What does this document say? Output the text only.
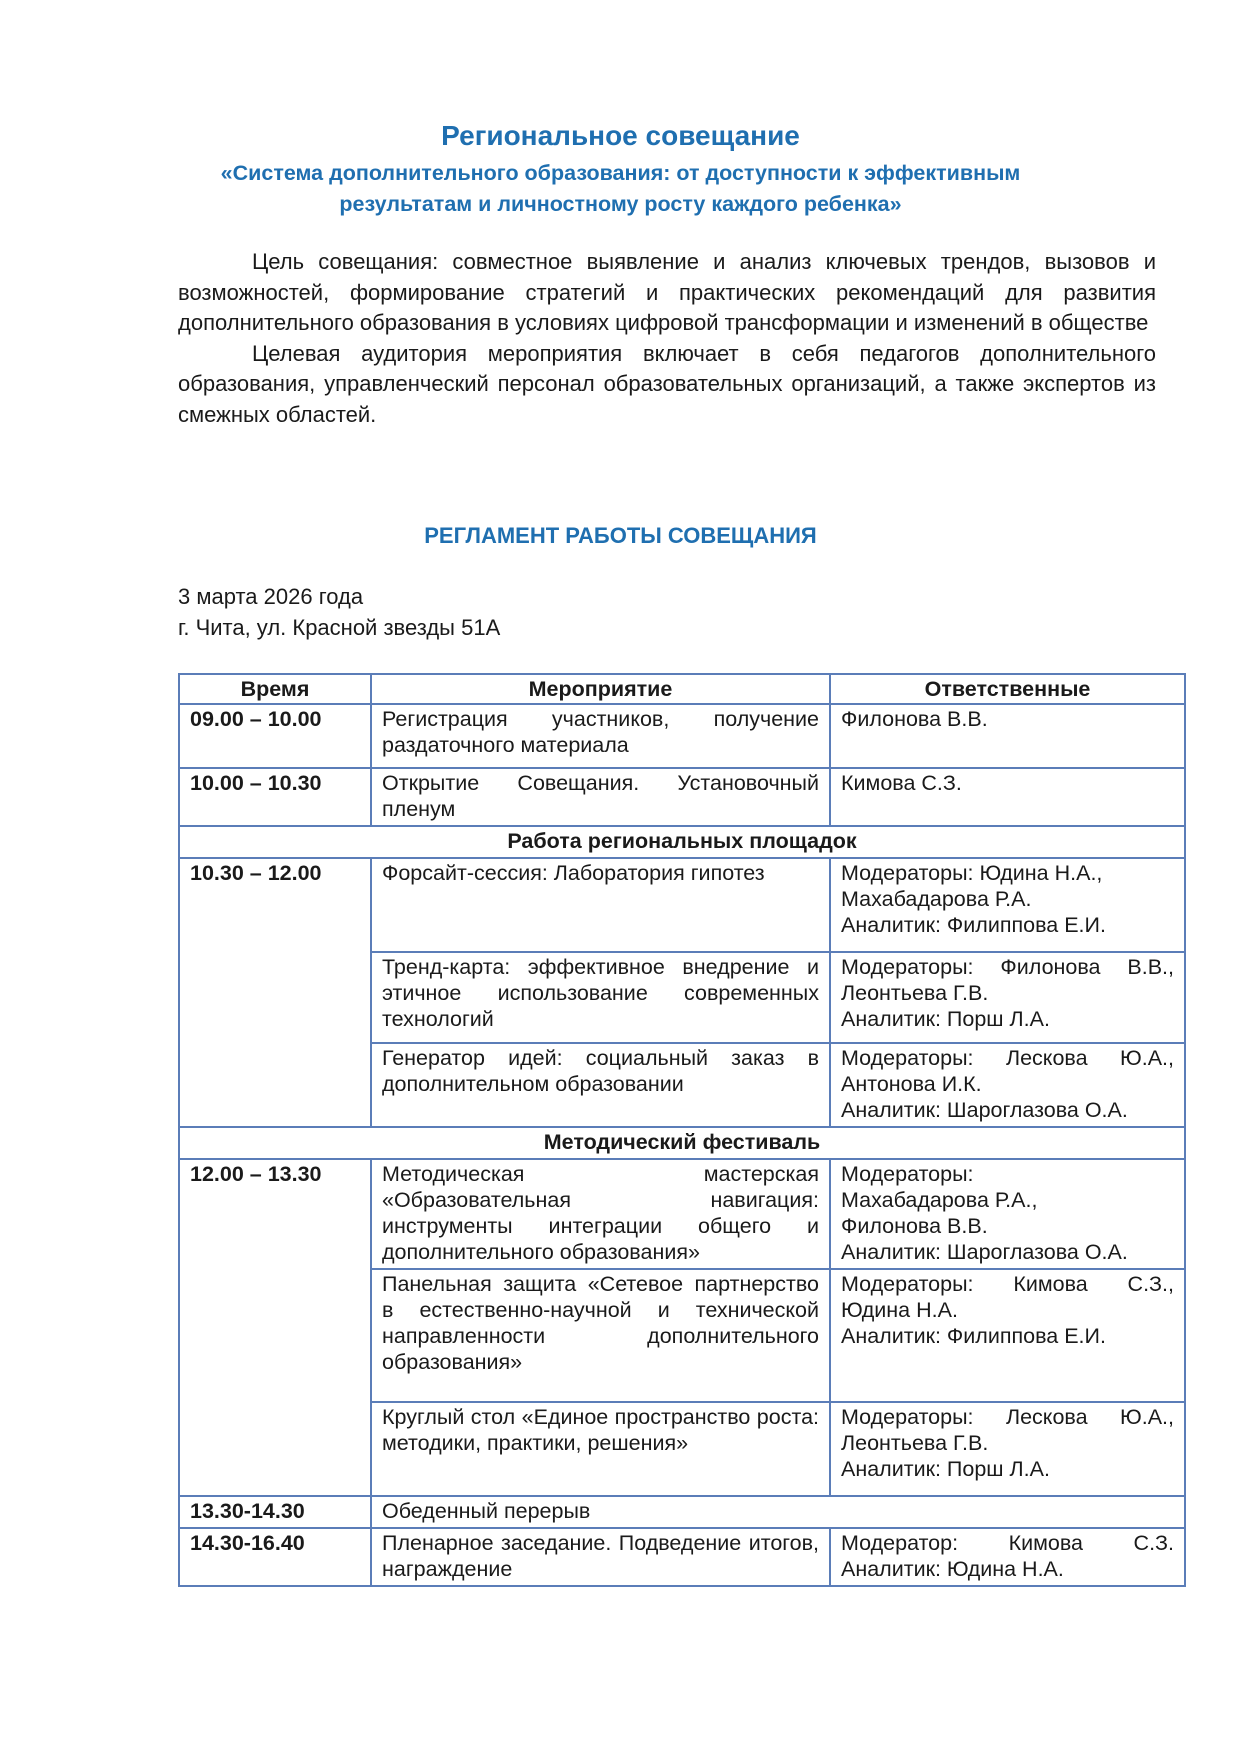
Региональное совещание
«Система дополнительного образования: от доступности к эффективным
результатам и личностному росту каждого ребенка»

Цель совещания: совместное выявление и анализ ключевых трендов, вызовов и возможностей, формирование стратегий и практических рекомендаций для развития дополнительного образования в условиях цифровой трансформации и изменений в обществе

Целевая аудитория мероприятия включает в себя педагогов дополнительного образования, управленческий персонал образовательных организаций, а также экспертов из смежных областей.

РЕГЛАМЕНТ РАБОТЫ СОВЕЩАНИЯ
3 марта 2026 года
г. Чита, ул. Красной звезды 51А
Время	Мероприятие	Ответственные
09.00 – 10.00	Регистрация участников, получение раздаточного материала	Филонова В.В.

10.00 – 10.30	Открытие Совещания. Установочный пленум	Кимова С.З.

Работа региональных площадок		
10.30 – 12.00	Форсайт-сессия: Лаборатория гипотез	Модераторы: Юдина Н.А.,
Махабадарова Р.А.
Аналитик: Филиппова Е.И.

	Тренд-карта: эффективное внедрение и этичное использование современных технологий	Модераторы: Филонова В.В.,
Леонтьева Г.В.
Аналитик: Порш Л.А.

	Генератор идей: социальный заказ в дополнительном образовании	Модераторы: Лескова Ю.А.,
Антонова И.К.
Аналитик: Шароглазова О.А.

Методический фестиваль		
12.00 – 13.30	Методическая мастерская «Образовательная навигация: инструменты интеграции общего и дополнительного образования»	Модераторы:
Махабадарова Р.А.,
Филонова В.В.
Аналитик: Шароглазова О.А.

	Панельная защита «Сетевое партнерство в естественно-научной и технической направленности дополнительного образования»	Модераторы: Кимова С.З.,
Юдина Н.А.
Аналитик: Филиппова Е.И.

	Круглый стол «Единое пространство роста: методики, практики, решения»	Модераторы: Лескова Ю.А.,
Леонтьева Г.В.
Аналитик: Порш Л.А.

13.30-14.30	Обеденный перерыв	
14.30-16.40	Пленарное заседание. Подведение итогов, награждение	Модератор: Кимова С.З.
Аналитик: Юдина Н.А.
